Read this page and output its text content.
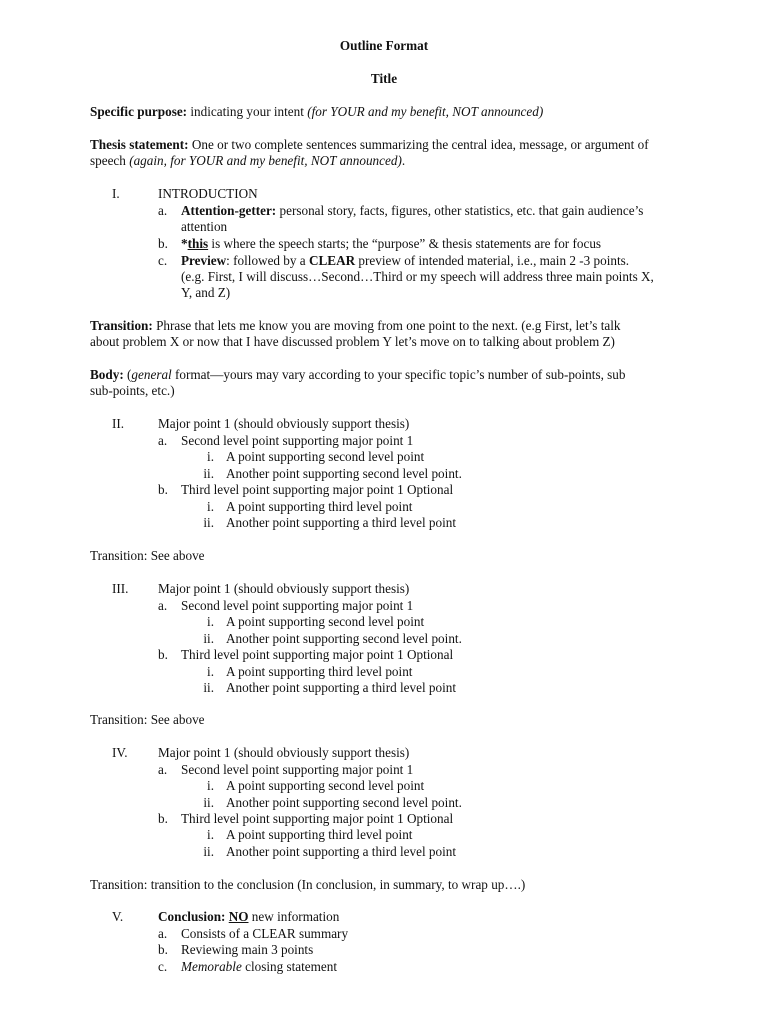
Outline Format
Title
Specific purpose: indicating your intent (for YOUR and my benefit, NOT announced)
Thesis statement: One or two complete sentences summarizing the central idea, message, or argument of
speech (again, for YOUR and my benefit, NOT announced).
I.	INTRODUCTION
a. Attention-getter: personal story, facts, figures, other statistics, etc. that gain audience’s
attention
b. *this is where the speech starts; the “purpose” & thesis statements are for focus
c. Preview: followed by a CLEAR preview of intended material, i.e., main 2 -3 points.
(e.g. First, I will discuss…Second…Third or my speech will address three main points X,
Y, and Z)
Transition: Phrase that lets me know you are moving from one point to the next. (e.g First, let’s talk
about problem X or now that I have discussed problem Y let’s move on to talking about problem Z)
Body: (general format—yours may vary according to your specific topic’s number of sub-points, sub
sub-points, etc.)
II.	Major point 1 (should obviously support thesis)
a. Second level point supporting major point 1
i. A point supporting second level point
ii. Another point supporting second level point.
b. Third level point supporting major point 1 Optional
i. A point supporting third level point
ii. Another point supporting a third level point
Transition: See above
III.	Major point 1 (should obviously support thesis)
a. Second level point supporting major point 1
i. A point supporting second level point
ii. Another point supporting second level point.
b. Third level point supporting major point 1 Optional
i. A point supporting third level point
ii. Another point supporting a third level point
Transition: See above
IV.	Major point 1 (should obviously support thesis)
a. Second level point supporting major point 1
i. A point supporting second level point
ii. Another point supporting second level point.
b. Third level point supporting major point 1 Optional
i. A point supporting third level point
ii. Another point supporting a third level point
Transition: transition to the conclusion (In conclusion, in summary, to wrap up….)
V.	Conclusion: NO new information
a. Consists of a CLEAR summary
b. Reviewing main 3 points
c. Memorable closing statement
